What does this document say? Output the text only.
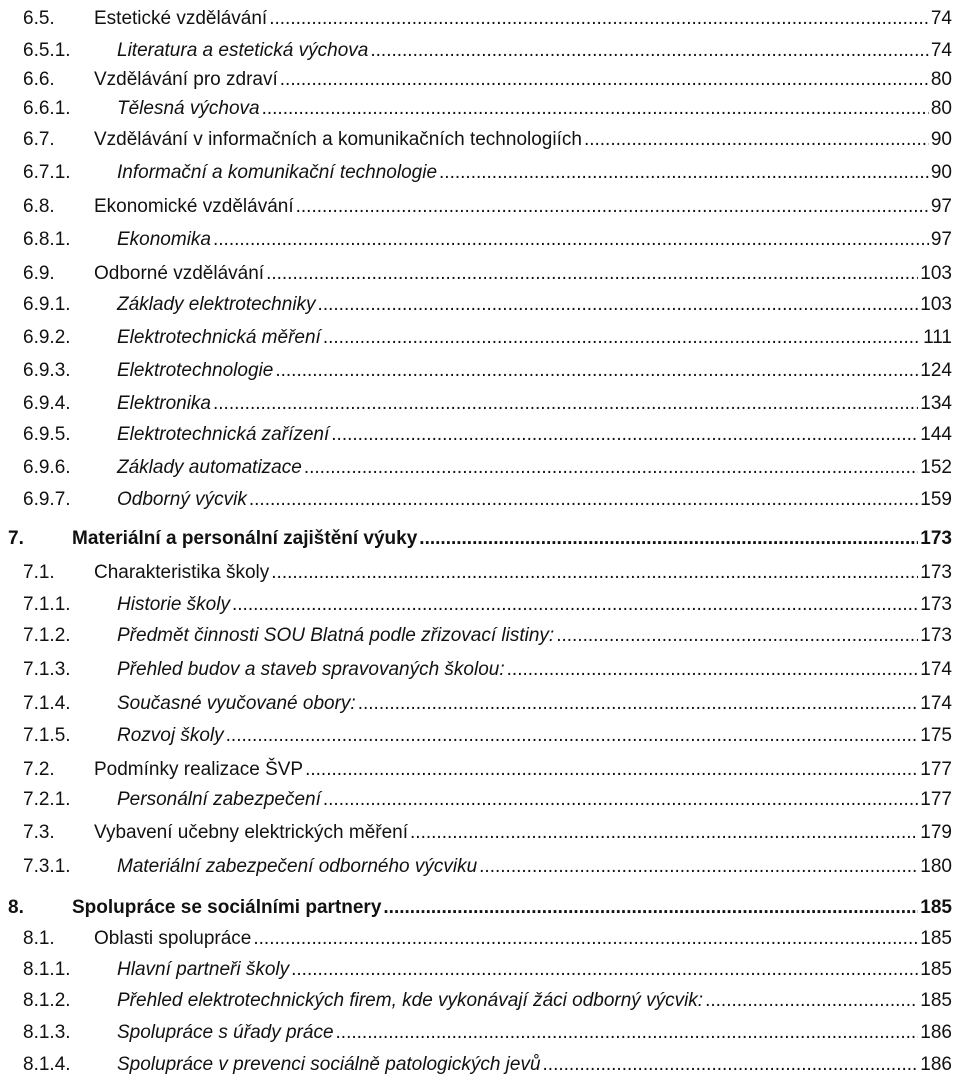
6.5. Estetické vzdělávání .....	74
6.5.1. Literatura a estetická výchova .....	74
6.6. Vzdělávání pro zdraví .....	80
6.6.1. Tělesná výchova .....	80
6.7. Vzdělávání v informačních a komunikačních technologiích .....	90
6.7.1. Informační a komunikační technologie .....	90
6.8. Ekonomické vzdělávání .....	97
6.8.1. Ekonomika .....	97
6.9. Odborné vzdělávání .....	103
6.9.1. Základy elektrotechniky .....	103
6.9.2. Elektrotechnická měření .....	111
6.9.3. Elektrotechnologie .....	124
6.9.4. Elektronika .....	134
6.9.5. Elektrotechnická zařízení .....	144
6.9.6. Základy automatizace .....	152
6.9.7. Odborný výcvik .....	159
7.	Materiální a personální zajištění výuky .....	173
7.1. Charakteristika školy .....	173
7.1.1. Historie školy .....	173
7.1.2. Předmět činnosti SOU Blatná podle zřizovací listiny: .....	173
7.1.3. Přehled budov a staveb spravovaných školou: .....	174
7.1.4. Současné vyučované obory: .....	174
7.1.5. Rozvoj školy .....	175
7.2. Podmínky realizace ŠVP .....	177
7.2.1. Personální zabezpečení .....	177
7.3. Vybavení učebny elektrických měření .....	179
7.3.1. Materiální zabezpečení odborného výcviku .....	180
8.	Spolupráce se sociálními partnery .....	185
8.1. Oblasti spolupráce .....	185
8.1.1. Hlavní partneři školy .....	185
8.1.2. Přehled elektrotechnických firem, kde vykonávají žáci odborný výcvik: .....	185
8.1.3. Spolupráce s úřady práce .....	186
8.1.4. Spolupráce v prevenci sociálně patologických jevů .....	186
